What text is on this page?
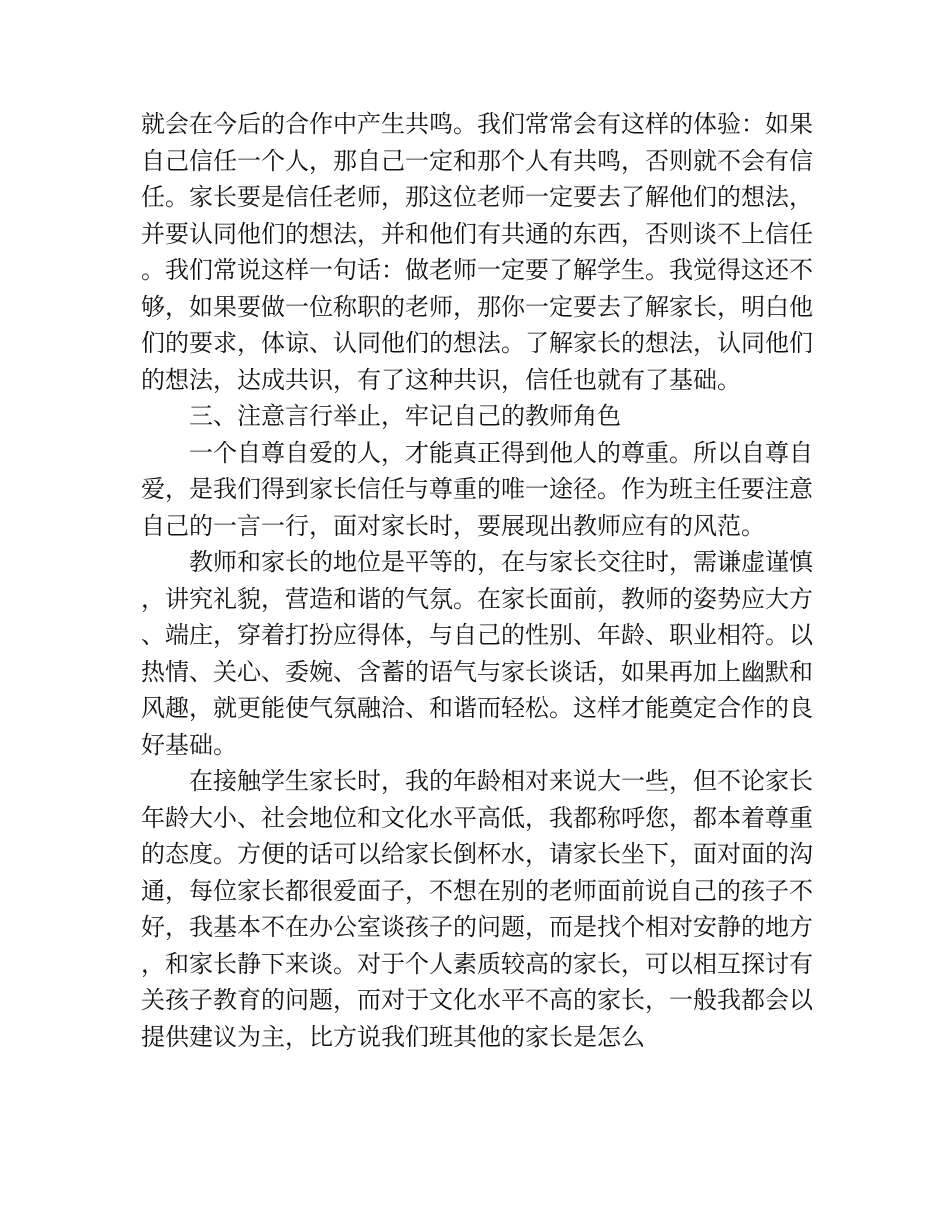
就会在今后的合作中产生共鸣。我们常常会有这样的体验：如果自己信任一个人，那自己一定和那个人有共鸣，否则就不会有信任。家长要是信任老师，那这位老师一定要去了解他们的想法，并要认同他们的想法，并和他们有共通的东西，否则谈不上信任。我们常说这样一句话：做老师一定要了解学生。我觉得这还不够，如果要做一位称职的老师，那你一定要去了解家长，明白他们的要求，体谅、认同他们的想法。了解家长的想法，认同他们的想法，达成共识，有了这种共识，信任也就有了基础。

三、注意言行举止，牢记自己的教师角色

一个自尊自爱的人，才能真正得到他人的尊重。所以自尊自爱，是我们得到家长信任与尊重的唯一途径。作为班主任要注意自己的一言一行，面对家长时，要展现出教师应有的风范。

教师和家长的地位是平等的，在与家长交往时，需谦虚谨慎，讲究礼貌，营造和谐的气氛。在家长面前，教师的姿势应大方、端庄，穿着打扮应得体，与自己的性别、年龄、职业相符。以热情、关心、委婉、含蓄的语气与家长谈话，如果再加上幽默和风趣，就更能使气氛融洽、和谐而轻松。这样才能奠定合作的良好基础。

在接触学生家长时，我的年龄相对来说大一些，但不论家长年龄大小、社会地位和文化水平高低，我都称呼您，都本着尊重的态度。方便的话可以给家长倒杯水，请家长坐下，面对面的沟通，每位家长都很爱面子，不想在别的老师面前说自己的孩子不好，我基本不在办公室谈孩子的问题，而是找个相对安静的地方，和家长静下来谈。对于个人素质较高的家长，可以相互探讨有关孩子教育的问题，而对于文化水平不高的家长，一般我都会以提供建议为主，比方说我们班其他的家长是怎么
